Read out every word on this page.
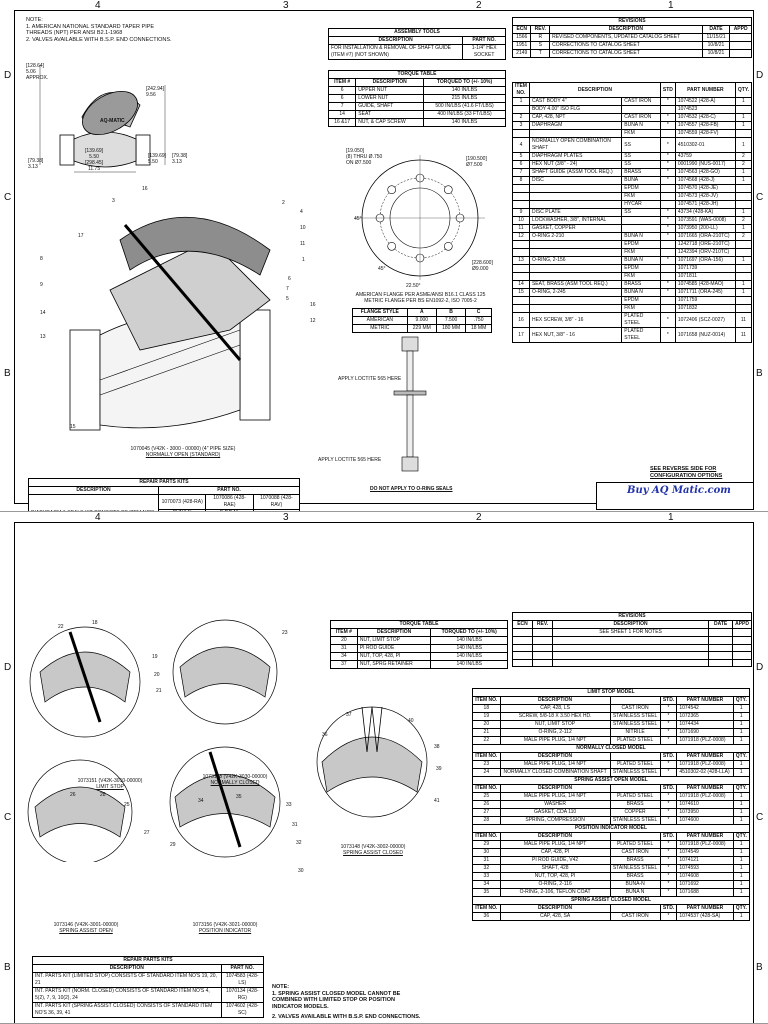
4	3	2	1
D
C
B
D
C
B
NOTE:
1. AMERICAN NATIONAL STANDARD TAPER PIPE
THREADS (NPT) PER ANSI B2.1-1968
2. VALVES AVAILABLE WITH B.S.P. END CONNECTIONS.
[128.64]
5.06
APPROX.
[242.94]
9.56
[79.38]
3.13
[139.69]
5.50
[298.45]
11.75
[139.69]
5.50
[79.38]
3.13
AQ-MATIC
1070045 (V42K - 3000 - 00000) (4" PIPE SIZE)
NORMALLY OPEN (STANDARD)
16
3	2
17
4
10
11
1
9
8
16
14
12
13
15
5
6
7
ASSEMBLY TOOLS	
DESCRIPTION	PART NO.
FOR INSTALLATION & REMOVAL OF SHAFT GUIDE (ITEM #7) (NOT SHOWN)	1-1/4" HEX SOCKET
TORQUE TABLE		
ITEM #	DESCRIPTION	TORQUED TO (+/- 10%)
6	UPPER NUT	140 IN/LBS
6	LOWER NUT	215 IN/LBS
7	GUIDE, SHAFT	500 IN/LBS (41.6 FT/LBS)
14	SEAT	400 IN/LBS (33 FT/LBS)
16 &17	NUT, & CAP SCREW	140 IN/LBS
[19.050]
(8) THRU Ø.750
ON Ø7.500
[190.500]
Ø7.500
45°
45°
22.50°
[228.600]
Ø9.000
AMERICAN FLANGE PER ASME/ANSI B16.1 CLASS 125
METRIC FLANGE PER BS EN1092-2, ISO 7005-2
FLANGE STYLE	A	B	C
AMERICAN	9.000	7.500	.750
METRIC	229 MM	180 MM	18 MM
APPLY LOCTITE 565 HERE
APPLY LOCTITE 565 HERE
DO NOT APPLY TO O-RING SEALS
REVISIONS				
ECN	REV.	DESCRIPTION	DATE	APPD
1566	R	REVISED COMPONENTS, UPDATED CATALOG SHEET	11/15/21	
1951	S	CORRECTIONS TO CATALOG SHEET	10/8/21	
2149	T	CORRECTIONS TO CATALOG SHEET	10/8/21	
ITEM NO.	DESCRIPTION		STD	PART NUMBER	QTY.
1	CAST BODY 4"	CAST IRON	*	1074522 (428-A)	1
	BODY 4.00" ISO FLG			1074523	
2	CAP, 428, NPT	CAST IRON	*	1074532 (428-C)	1
3	DIAPHRAGM	BUNA N	*	1074557 (428-FB)	1
		FKM		1074559 (428-FV)	
4	NORMALLY OPEN COMBINATION SHAFT	SS	*	4510302-01	1
5	DIAPHRAGM PLATES	SS	*	43759	2
6	HEX NUT (3/8" - 24)	SS	*	0001990 (NUS-0017)	2
7	SHAFT GUIDE (ASSM TOOL REQ.)	BRASS	*	1074563 (428-GO)	1
8	DISC	BUNA	*	1074568 (428-J)	1
		EPDM		1074570 (428-JE)	
		FKM		1074573 (428-JV)	
		HYCAR		1074571 (428-JH)	
9	DISC PLATE	SS	*	43734 (428-KA)	1
10	LOCKWASHER, 3/8", INTERNAL		*	1073591 (WAS-0008)	2
11	GASKET, COPPER		*	1073950 (200-LL)	1
12	O-RING 2-210	BUNA N	*	1071665 (ORA-210TC)	2
		EPDM		1242718 (ORE-210TC)	
		FKM		1242394 (ORV-210TC)	
13	O-RING, 2-156	BUNA N	*	1071697 (ORA-156)	1
		EPDM		1071739	
		FKM		1071811	
14	SEAT, BRASS (ASM TOOL REQ.)	BRASS	*	1074585 (428-MAO)	1
15	O-RING, 2-245	BUNA N	*	1071711 (ORA-245)	1
		EPDM		1071759	
		FKM		1071832	
16	HEX SCREW, 3/8" - 16	PLATED STEEL	*	1072406 (SCZ-0027)	11
17	HEX NUT, 3/8" - 16	PLATED STEEL	*	1071658 (NUZ-0014)	11
REPAIR PARTS KITS			
DESCRIPTION	PART NO.		
	1070073 (428-RA)	1070086 (428-RAE)	1070088 (428-RAV)

SEE REVERSE SIDE FOR
CONFIGURATION OPTIONS
Buy AQ Matic.com
4	3	2	1
D
C
B
D
C
B
1073151 (V42K-3010-00000)
LIMIT STOP
1073158 (V42K-3030-00000)
NORMALLY CLOSED
1073148 (V42K-3002-00000)
SPRING ASSIST CLOSED
1073146 (V42K-3001-00000)
SPRING ASSIST OPEN
1073156 (V42K-3021-00000)
POSITION INDICATOR
22
18
19
23
20
21
37
40
36
38
39
41
26	28
25
27
34
35
33
29
31
32
30
TORQUE TABLE		
ITEM #	DESCRIPTION	TORQUED TO (+/- 10%)
20	NUT, LIMIT STOP	140 IN/LBS
31	PI ROD GUIDE	140 IN/LBS
34	NUT, TOP, 428, PI	140 IN/LBS
37	NUT, SPRG RETAINER	140 IN/LBS
REVISIONS				
ECN	REV.	DESCRIPTION	DATE	APPD
		SEE SHEET 1 FOR NOTES		

LIMIT STOP MODEL					
ITEM NO.	DESCRIPTION		STD.	PART NUMBER	QTY.
18	CAP, 428, LS	CAST IRON	*	1074542	1
19	SCREW, 5/8-18 X 3.50 HEX HD.	STAINLESS STEEL	*	1072365	1
20	NUT, LIMIT STOP	STAINLESS STEEL	*	1074434	1
21	O-RING, 2-112	NITRILE	*	1071690	1
22	MALE PIPE PLUG, 1/4 NPT	PLATED STEEL	*	1071918 (PLZ-0008)	1
NORMALLY CLOSED MODEL					
ITEM NO.	DESCRIPTION		STD.	PART NUMBER	QTY.
23	MALE PIPE PLUG, 1/4 NPT	PLATED STEEL	*	1071918 (PLZ-0008)	1
24	NORMALLY CLOSED COMBINATION SHAFT	STAINLESS STEEL	*	4510302-02 (428-LLA)	1
SPRING ASSIST OPEN MODEL					
ITEM NO.	DESCRIPTION		STD.	PART NUMBER	QTY.
25	MALE PIPE PLUG, 1/4 NPT	PLATED STEEL	*	1071918 (PLZ-0008)	1
26	WASHER	BRASS	*	1074610	1
27	GASKET, CDA 110	COPPER	*	1073950	1
28	SPRING, COMPRESSION	STAINLESS STEEL	*	1074600	1
POSITION INDICATOR MODEL					
ITEM NO.	DESCRIPTION		STD.	PART NUMBER	QTY.
29	MALE PIPE PLUG, 1/4 NPT	PLATED STEEL	*	1071918 (PLZ-0008)	1
30	CAP, 428, PI	CAST IRON	*	1074549	1
31	PI ROD GUIDE, V42	BRASS	*	1074121	1
32	SHAFT, 428	STAINLESS STEEL	*	1074593	1
33	NUT, TOP, 428, PI	BRASS	*	1074608	1
34	O-RING, 2-116	BUNA-N	*	1071692	1
35	O-RING, 2-106, TEFLON COAT	BUNA N	*	1071688	1
SPRING ASSIST CLOSED MODEL					
ITEM NO.	DESCRIPTION		STD.	PART NUMBER	QTY.
36	CAP, 428, SA	CAST IRON	*	1074537 (428-SA)	1
REPAIR PARTS KITS	
DESCRIPTION	PART NO.
INT. PARTS KIT (LIMITED STOP) CONSISTS OF STANDARD ITEM NO'S 19, 20, 21	1074583 (428-LS)
INT. PARTS KIT (NORM. CLOSED) CONSISTS OF STANDARD ITEM NO'S 4, 5(2), 7, 9, 10(2), 24	1070134 (428-RG)
INT. PARTS KIT (SPRING ASSIST CLOSED) CONSISTS OF STANDARD ITEM NO'S 36, 39, 41	1074602 (428-SC)
NOTE:
1. SPRING ASSIST CLOSED MODEL CANNOT BE
COMBINED WITH LIMITED STOP OR POSITION
INDICATOR MODELS.
2. VALVES AVAILABLE WITH B.S.P. END CONNECTIONS.
